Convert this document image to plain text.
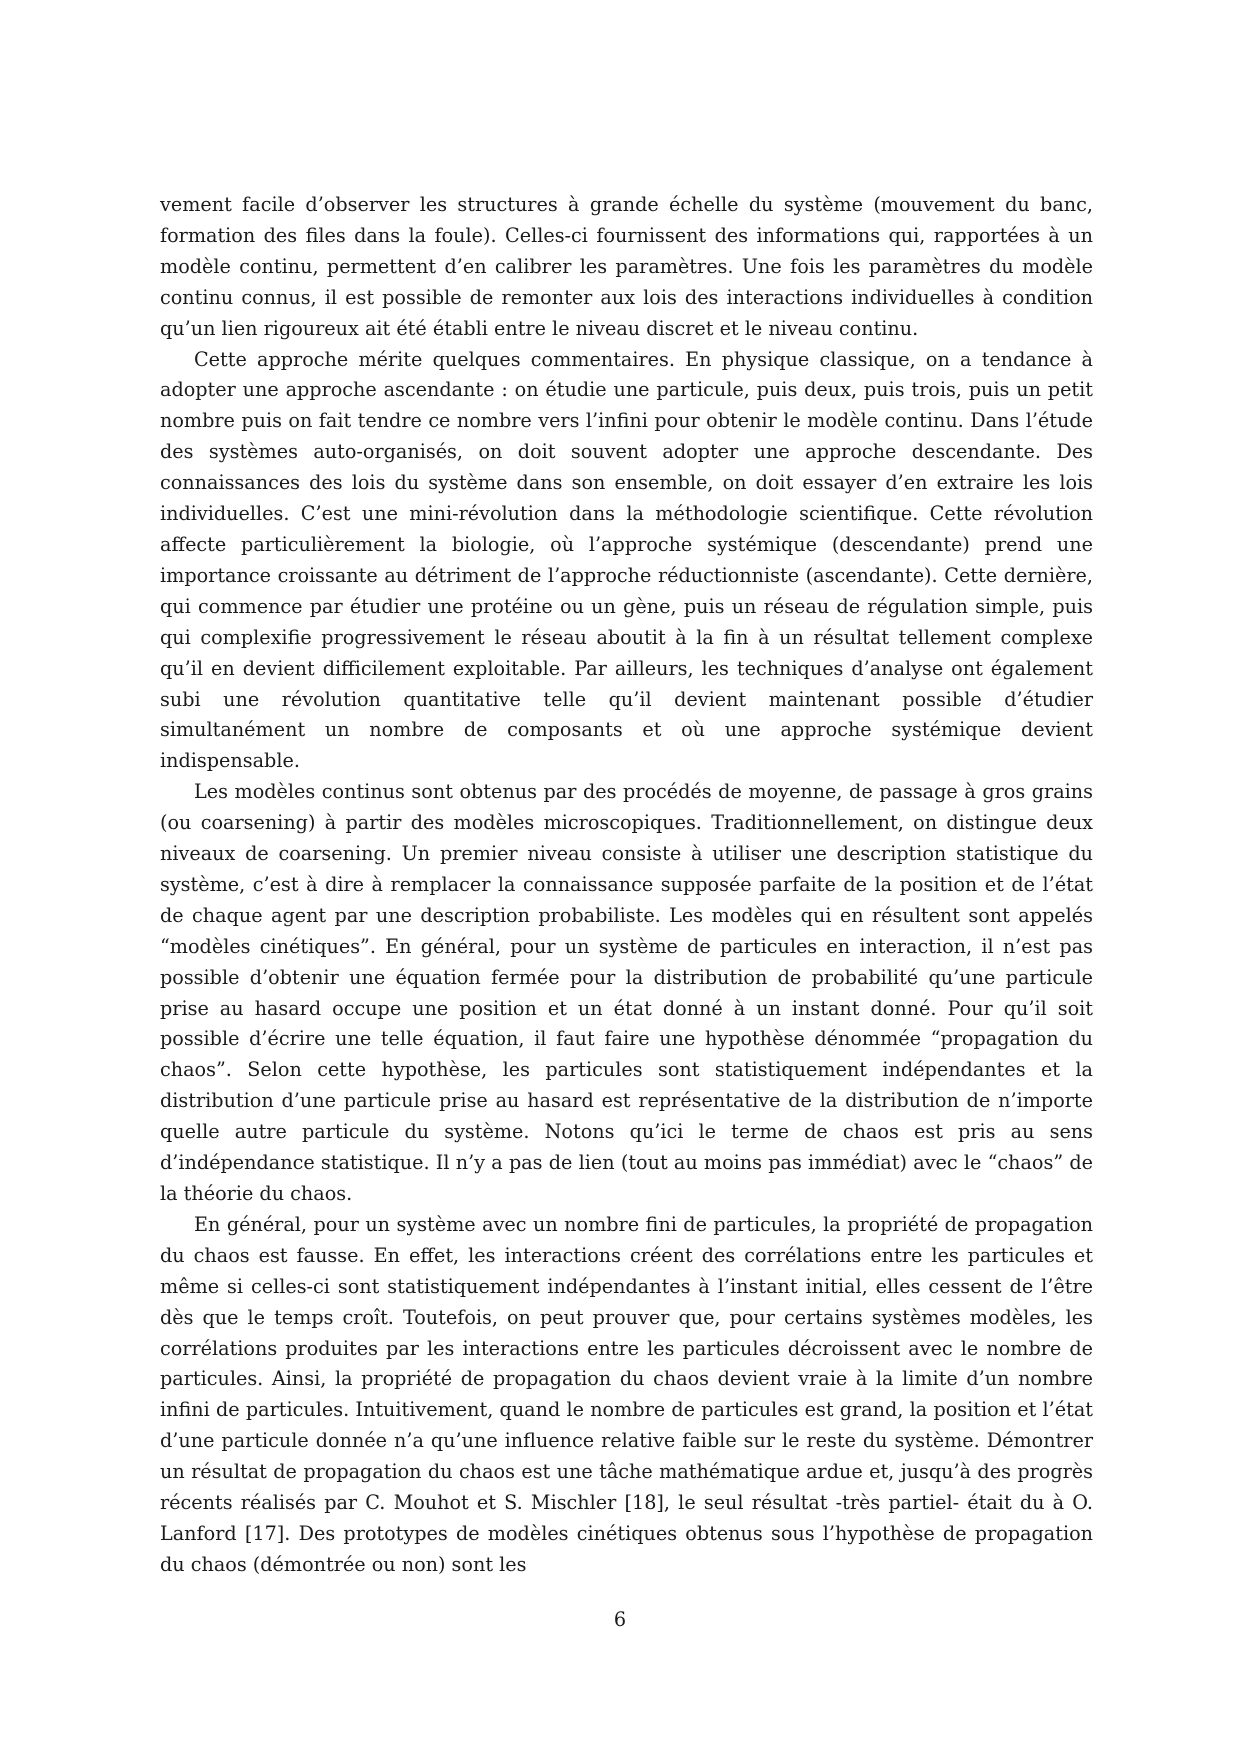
vement facile d’observer les structures à grande échelle du système (mouvement du banc, formation des files dans la foule). Celles-ci fournissent des informations qui, rapportées à un modèle continu, permettent d’en calibrer les paramètres. Une fois les paramètres du modèle continu connus, il est possible de remonter aux lois des interactions individuelles à condition qu’un lien rigoureux ait été établi entre le niveau discret et le niveau continu.

Cette approche mérite quelques commentaires. En physique classique, on a tendance à adopter une approche ascendante : on étudie une particule, puis deux, puis trois, puis un petit nombre puis on fait tendre ce nombre vers l’infini pour obtenir le modèle continu. Dans l’étude des systèmes auto-organisés, on doit souvent adopter une approche descendante. Des connaissances des lois du système dans son ensemble, on doit essayer d’en extraire les lois individuelles. C’est une mini-révolution dans la méthodologie scientifique. Cette révolution affecte particulièrement la biologie, où l’approche systémique (descendante) prend une importance croissante au détriment de l’approche réductionniste (ascendante). Cette dernière, qui commence par étudier une protéine ou un gène, puis un réseau de régulation simple, puis qui complexifie progressivement le réseau aboutit à la fin à un résultat tellement complexe qu’il en devient difficilement exploitable. Par ailleurs, les techniques d’analyse ont également subi une révolution quantitative telle qu’il devient maintenant possible d’étudier simultanément un nombre de composants et où une approche systémique devient indispensable.

Les modèles continus sont obtenus par des procédés de moyenne, de passage à gros grains (ou coarsening) à partir des modèles microscopiques. Traditionnellement, on distingue deux niveaux de coarsening. Un premier niveau consiste à utiliser une description statistique du système, c’est à dire à remplacer la connaissance supposée parfaite de la position et de l’état de chaque agent par une description probabiliste. Les modèles qui en résultent sont appelés “modèles cinétiques”. En général, pour un système de particules en interaction, il n’est pas possible d’obtenir une équation fermée pour la distribution de probabilité qu’une particule prise au hasard occupe une position et un état donné à un instant donné. Pour qu’il soit possible d’écrire une telle équation, il faut faire une hypothèse dénommée “propagation du chaos”. Selon cette hypothèse, les particules sont statistiquement indépendantes et la distribution d’une particule prise au hasard est représentative de la distribution de n’importe quelle autre particule du système. Notons qu’ici le terme de chaos est pris au sens d’indépendance statistique. Il n’y a pas de lien (tout au moins pas immédiat) avec le “chaos” de la théorie du chaos.

En général, pour un système avec un nombre fini de particules, la propriété de propagation du chaos est fausse. En effet, les interactions créent des corrélations entre les particules et même si celles-ci sont statistiquement indépendantes à l’instant initial, elles cessent de l’être dès que le temps croît. Toutefois, on peut prouver que, pour certains systèmes modèles, les corrélations produites par les interactions entre les particules décroissent avec le nombre de particules. Ainsi, la propriété de propagation du chaos devient vraie à la limite d’un nombre infini de particules. Intuitivement, quand le nombre de particules est grand, la position et l’état d’une particule donnée n’a qu’une influence relative faible sur le reste du système. Démontrer un résultat de propagation du chaos est une tâche mathématique ardue et, jusqu’à des progrès récents réalisés par C. Mouhot et S. Mischler [18], le seul résultat -très partiel- était du à O. Lanford [17]. Des prototypes de modèles cinétiques obtenus sous l’hypothèse de propagation du chaos (démontrée ou non) sont les

6
